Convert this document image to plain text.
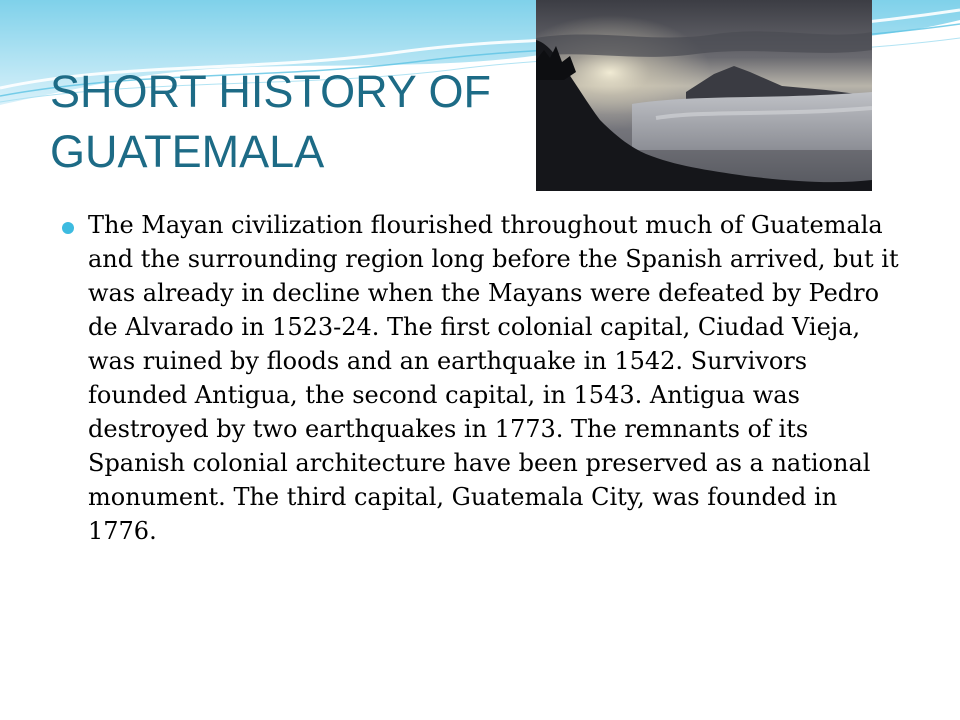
SHORT HISTORY OF GUATEMALA
The Mayan civilization flourished throughout much of Guatemala and the surrounding region long before the Spanish arrived, but it was already in decline when the Mayans were defeated by Pedro de Alvarado in 1523-24. The first colonial capital, Ciudad Vieja, was ruined by floods and an earthquake in 1542. Survivors founded Antigua, the second capital, in 1543. Antigua was destroyed by two earthquakes in 1773. The remnants of its Spanish colonial architecture have been preserved as a national monument. The third capital, Guatemala City, was founded in 1776.
